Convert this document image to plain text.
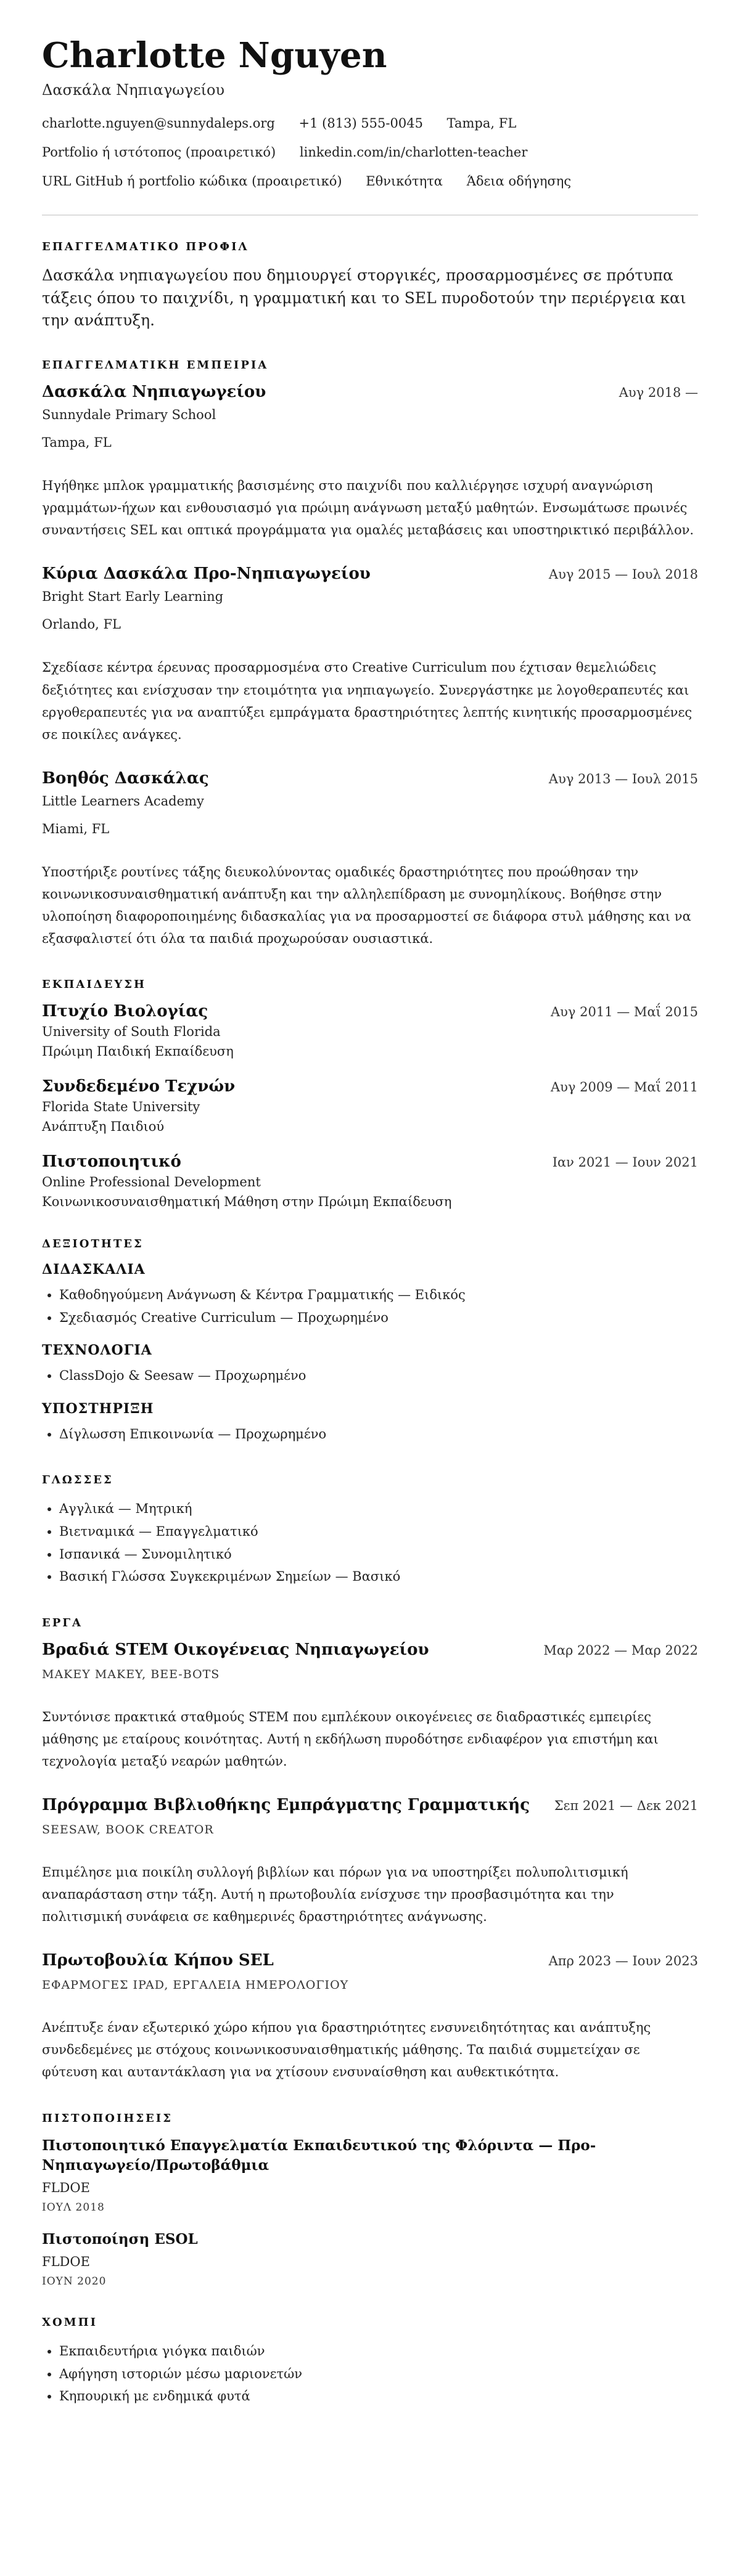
Charlotte Nguyen
Δασκάλα Νηπιαγωγείου
charlotte.nguyen@sunnydaleps.org +1 (813) 555-0045 Tampa, FL
Portfolio ή ιστότοπος (προαιρετικό) linkedin.com/in/charlotten-teacher
URL GitHub ή portfolio κώδικα (προαιρετικό) Εθνικότητα Άδεια οδήγησης
ΕΠΑΓΓΕΛΜΑΤΙΚΟ ΠΡΟΦΙΛ

Δασκάλα νηπιαγωγείου που δημιουργεί στοργικές, προσαρμοσμένες σε πρότυπα τάξεις όπου το παιχνίδι, η γραμματική και το SEL πυροδοτούν την περιέργεια και την ανάπτυξη.

ΕΠΑΓΓΕΛΜΑΤΙΚΗ ΕΜΠΕΙΡΙΑ
Δασκάλα Νηπιαγωγείου	Αυγ 2018 —
Sunnydale Primary School
Tampa, FL
Ηγήθηκε μπλοκ γραμματικής βασισμένης στο παιχνίδι που καλλιέργησε ισχυρή αναγνώριση γραμμάτων-ήχων και ενθουσιασμό για πρώιμη ανάγνωση μεταξύ μαθητών. Ενσωμάτωσε πρωινές συναντήσεις SEL και οπτικά προγράμματα για ομαλές μεταβάσεις και υποστηρικτικό περιβάλλον.
Κύρια Δασκάλα Προ-Νηπιαγωγείου	Αυγ 2015 — Ιουλ 2018
Bright Start Early Learning
Orlando, FL
Σχεδίασε κέντρα έρευνας προσαρμοσμένα στο Creative Curriculum που έχτισαν θεμελιώδεις δεξιότητες και ενίσχυσαν την ετοιμότητα για νηπιαγωγείο. Συνεργάστηκε με λογοθεραπευτές και εργοθεραπευτές για να αναπτύξει εμπράγματα δραστηριότητες λεπτής κινητικής προσαρμοσμένες σε ποικίλες ανάγκες.
Βοηθός Δασκάλας	Αυγ 2013 — Ιουλ 2015
Little Learners Academy
Miami, FL
Υποστήριξε ρουτίνες τάξης διευκολύνοντας ομαδικές δραστηριότητες που προώθησαν την κοινωνικοσυναισθηματική ανάπτυξη και την αλληλεπίδραση με συνομηλίκους. Βοήθησε στην υλοποίηση διαφοροποιημένης διδασκαλίας για να προσαρμοστεί σε διάφορα στυλ μάθησης και να εξασφαλιστεί ότι όλα τα παιδιά προχωρούσαν ουσιαστικά.
ΕΚΠΑΙΔΕΥΣΗ
Πτυχίο Βιολογίας	Αυγ 2011 — Μαΐ 2015
University of South Florida
Πρώιμη Παιδική Εκπαίδευση
Συνδεδεμένο Τεχνών	Αυγ 2009 — Μαΐ 2011
Florida State University
Ανάπτυξη Παιδιού
Πιστοποιητικό	Ιαν 2021 — Ιουν 2021
Online Professional Development
Κοινωνικοσυναισθηματική Μάθηση στην Πρώιμη Εκπαίδευση
ΔΕΞΙΟΤΗΤΕΣ
ΔΙΔΑΣΚΑΛΙΑ
• Καθοδηγούμενη Ανάγνωση & Κέντρα Γραμματικής — Ειδικός
• Σχεδιασμός Creative Curriculum — Προχωρημένο
ΤΕΧΝΟΛΟΓΙΑ
• ClassDojo & Seesaw — Προχωρημένο
ΥΠΟΣΤΗΡΙΞΗ
• Δίγλωσση Επικοινωνία — Προχωρημένο
ΓΛΩΣΣΕΣ
• Αγγλικά — Μητρική
• Βιετναμικά — Επαγγελματικό
• Ισπανικά — Συνομιλητικό
• Βασική Γλώσσα Συγκεκριμένων Σημείων — Βασικό
ΕΡΓΑ
Βραδιά STEM Οικογένειας Νηπιαγωγείου	Μαρ 2022 — Μαρ 2022
MAKEY MAKEY, BEE-BOTS
Συντόνισε πρακτικά σταθμούς STEM που εμπλέκουν οικογένειες σε διαδραστικές εμπειρίες μάθησης με εταίρους κοινότητας. Αυτή η εκδήλωση πυροδότησε ενδιαφέρον για επιστήμη και τεχνολογία μεταξύ νεαρών μαθητών.
Πρόγραμμα Βιβλιοθήκης Εμπράγματης Γραμματικής Σεπ 2021 — Δεκ 2021
SEESAW, BOOK CREATOR
Επιμέλησε μια ποικίλη συλλογή βιβλίων και πόρων για να υποστηρίξει πολυπολιτισμική αναπαράσταση στην τάξη. Αυτή η πρωτοβουλία ενίσχυσε την προσβασιμότητα και την πολιτισμική συνάφεια σε καθημερινές δραστηριότητες ανάγνωσης.
Πρωτοβουλία Κήπου SEL	Απρ 2023 — Ιουν 2023
ΕΦΑΡΜΟΓΕΣ IPAD, ΕΡΓΑΛΕΙΑ ΗΜΕΡΟΛΟΓΙΟΥ
Ανέπτυξε έναν εξωτερικό χώρο κήπου για δραστηριότητες ενσυνειδητότητας και ανάπτυξης συνδεδεμένες με στόχους κοινωνικοσυναισθηματικής μάθησης. Τα παιδιά συμμετείχαν σε φύτευση και αυταντάκλαση για να χτίσουν ενσυναίσθηση και αυθεκτικότητα.
ΠΙΣΤΟΠΟΙΗΣΕΙΣ
Πιστοποιητικό Επαγγελματία Εκπαιδευτικού της Φλόριντα — Προ-Νηπιαγωγείο/Πρωτοβάθμια
FLDOE
ΙΟΥΛ 2018
Πιστοποίηση ESOL
FLDOE
ΙΟΥΝ 2020
ΧΟΜΠΙ
• Εκπαιδευτήρια γιόγκα παιδιών
• Αφήγηση ιστοριών μέσω μαριονετών
• Κηπουρική με ενδημικά φυτά
